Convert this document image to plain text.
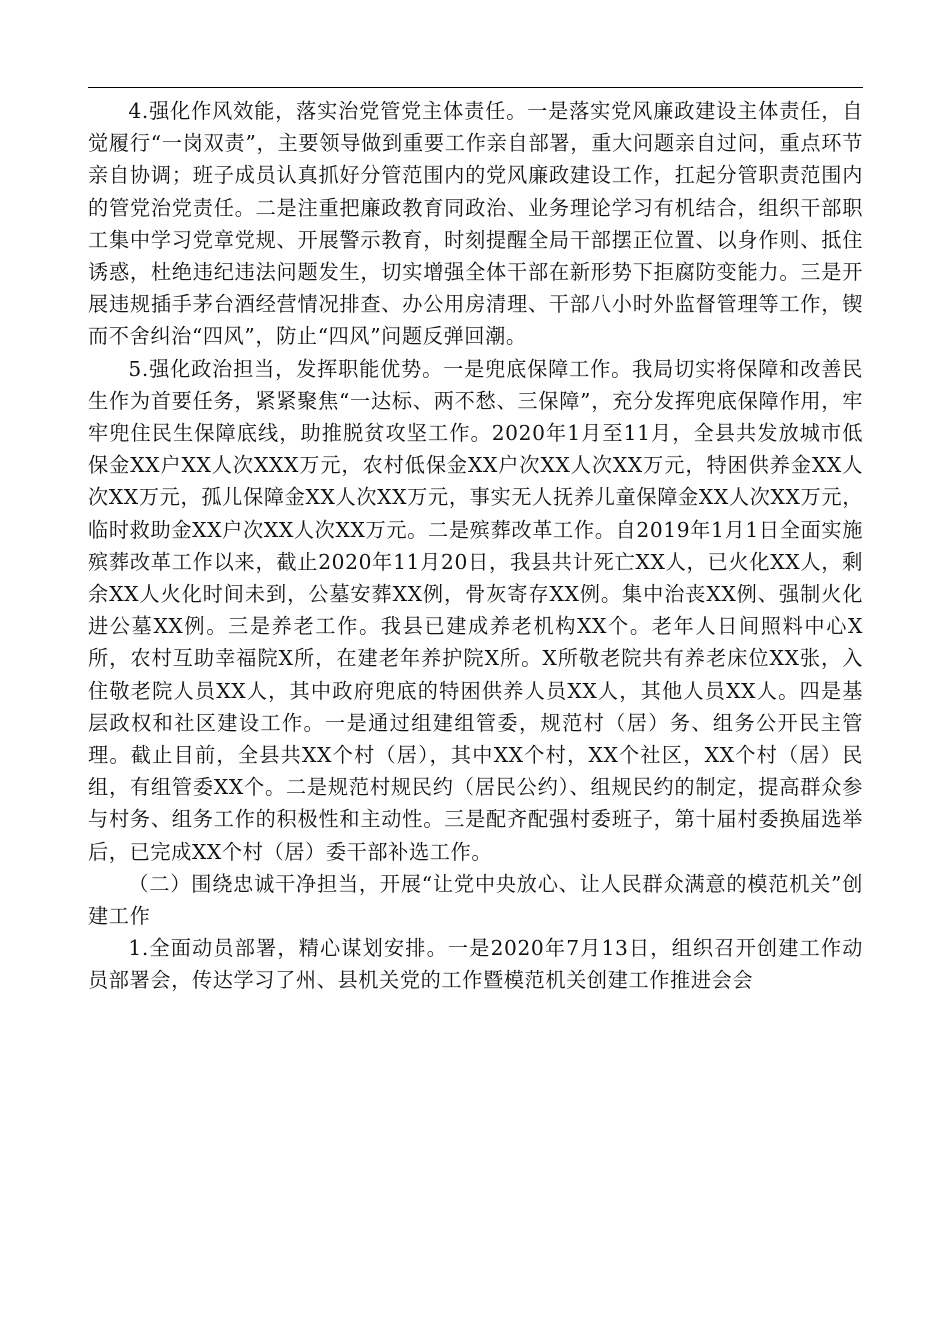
4.强化作风效能，落实治党管党主体责任。一是落实党风廉政建设主体责任，自觉履行“一岗双责”，主要领导做到重要工作亲自部署，重大问题亲自过问，重点环节亲自协调；班子成员认真抓好分管范围内的党风廉政建设工作，扛起分管职责范围内的管党治党责任。二是注重把廉政教育同政治、业务理论学习有机结合，组织干部职工集中学习党章党规、开展警示教育，时刻提醒全局干部摆正位置、以身作则、抵住诱惑，杜绝违纪违法问题发生，切实增强全体干部在新形势下拒腐防变能力。三是开展违规插手茅台酒经营情况排查、办公用房清理、干部八小时外监督管理等工作，锲而不舍纠治“四风”，防止“四风”问题反弹回潮。

5.强化政治担当，发挥职能优势。一是兜底保障工作。我局切实将保障和改善民生作为首要任务，紧紧聚焦“一达标、两不愁、三保障”，充分发挥兜底保障作用，牢牢兜住民生保障底线，助推脱贫攻坚工作。2020年1月至11月，全县共发放城市低保金XX户XX人次XXX万元，农村低保金XX户次XX人次XX万元，特困供养金XX人次XX万元，孤儿保障金XX人次XX万元，事实无人抚养儿童保障金XX人次XX万元，临时救助金XX户次XX人次XX万元。二是殡葬改革工作。自2019年1月1日全面实施殡葬改革工作以来，截止2020年11月20日，我县共计死亡XX人，已火化XX人，剩余XX人火化时间未到，公墓安葬XX例，骨灰寄存XX例。集中治丧XX例、强制火化进公墓XX例。三是养老工作。我县已建成养老机构XX个。老年人日间照料中心X所，农村互助幸福院X所，在建老年养护院X所。X所敬老院共有养老床位XX张，入住敬老院人员XX人，其中政府兜底的特困供养人员XX人，其他人员XX人。四是基层政权和社区建设工作。一是通过组建组管委，规范村（居）务、组务公开民主管理。截止目前，全县共XX个村（居），其中XX个村，XX个社区，XX个村（居）民组，有组管委XX个。二是规范村规民约（居民公约）、组规民约的制定，提高群众参与村务、组务工作的积极性和主动性。三是配齐配强村委班子，第十届村委换届选举后，已完成XX个村（居）委干部补选工作。

（二）围绕忠诚干净担当，开展“让党中央放心、让人民群众满意的模范机关”创建工作

1.全面动员部署，精心谋划安排。一是2020年7月13日，组织召开创建工作动员部署会，传达学习了州、县机关党的工作暨模范机关创建工作推进会会
